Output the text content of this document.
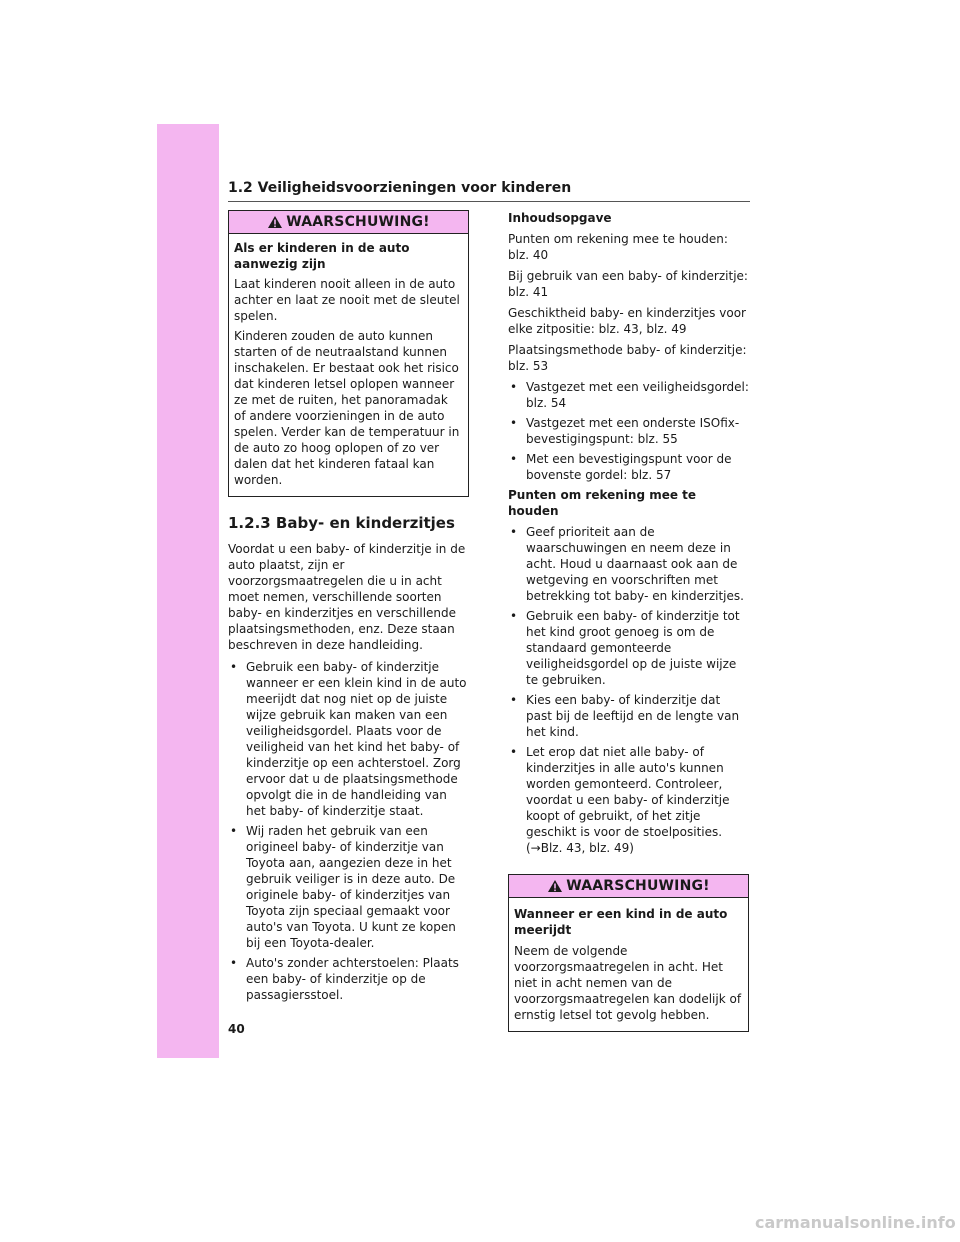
1.2 Veiligheidsvoorzieningen voor kinderen
WAARSCHUWING!

Als er kinderen in de auto aanwezig zijn

Laat kinderen nooit alleen in de auto achter en laat ze nooit met de sleutel spelen.

Kinderen zouden de auto kunnen starten of de neutraalstand kunnen inschakelen. Er bestaat ook het risico dat kinderen letsel oplopen wanneer ze met de ruiten, het panoramadak of andere voorzieningen in de auto spelen. Verder kan de temperatuur in de auto zo hoog oplopen of zo ver dalen dat het kinderen fataal kan worden.

1.2.3 Baby- en kinderzitjes

Voordat u een baby- of kinderzitje in de auto plaatst, zijn er voorzorgsmaatregelen die u in acht moet nemen, verschillende soorten baby- en kinderzitjes en verschillende plaatsingsmethoden, enz. Deze staan beschreven in deze handleiding.

• Gebruik een baby- of kinderzitje wanneer er een klein kind in de auto meerijdt dat nog niet op de juiste wijze gebruik kan maken van een veiligheidsgordel. Plaats voor de veiligheid van het kind het baby- of kinderzitje op een achterstoel. Zorg ervoor dat u de plaatsingsmethode opvolgt die in de handleiding van het baby- of kinderzitje staat.
• Wij raden het gebruik van een origineel baby- of kinderzitje van Toyota aan, aangezien deze in het gebruik veiliger is in deze auto. De originele baby- of kinderzitjes van Toyota zijn speciaal gemaakt voor auto's van Toyota. U kunt ze kopen bij een Toyota-dealer.
• Auto's zonder achterstoelen: Plaats een baby- of kinderzitje op de passagiersstoel.

Inhoudsopgave

Punten om rekening mee te houden: blz. 40

Bij gebruik van een baby- of kinderzitje: blz. 41

Geschiktheid baby- en kinderzitjes voor elke zitpositie: blz. 43, blz. 49

Plaatsingsmethode baby- of kinderzitje: blz. 53

• Vastgezet met een veiligheidsgordel: blz. 54
• Vastgezet met een onderste ISOfix-bevestigingspunt: blz. 55
• Met een bevestigingspunt voor de bovenste gordel: blz. 57

Punten om rekening mee te houden

• Geef prioriteit aan de waarschuwingen en neem deze in acht. Houd u daarnaast ook aan de wetgeving en voorschriften met betrekking tot baby- en kinderzitjes.
• Gebruik een baby- of kinderzitje tot het kind groot genoeg is om de standaard gemonteerde veiligheidsgordel op de juiste wijze te gebruiken.
• Kies een baby- of kinderzitje dat past bij de leeftijd en de lengte van het kind.
• Let erop dat niet alle baby- of kinderzitjes in alle auto's kunnen worden gemonteerd. Controleer, voordat u een baby- of kinderzitje koopt of gebruikt, of het zitje geschikt is voor de stoelposities. (→Blz. 43, blz. 49)
WAARSCHUWING!

Wanneer er een kind in de auto meerijdt

Neem de volgende voorzorgsmaatregelen in acht. Het niet in acht nemen van de voorzorgsmaatregelen kan dodelijk of ernstig letsel tot gevolg hebben.

40
carmanualsonline.info
